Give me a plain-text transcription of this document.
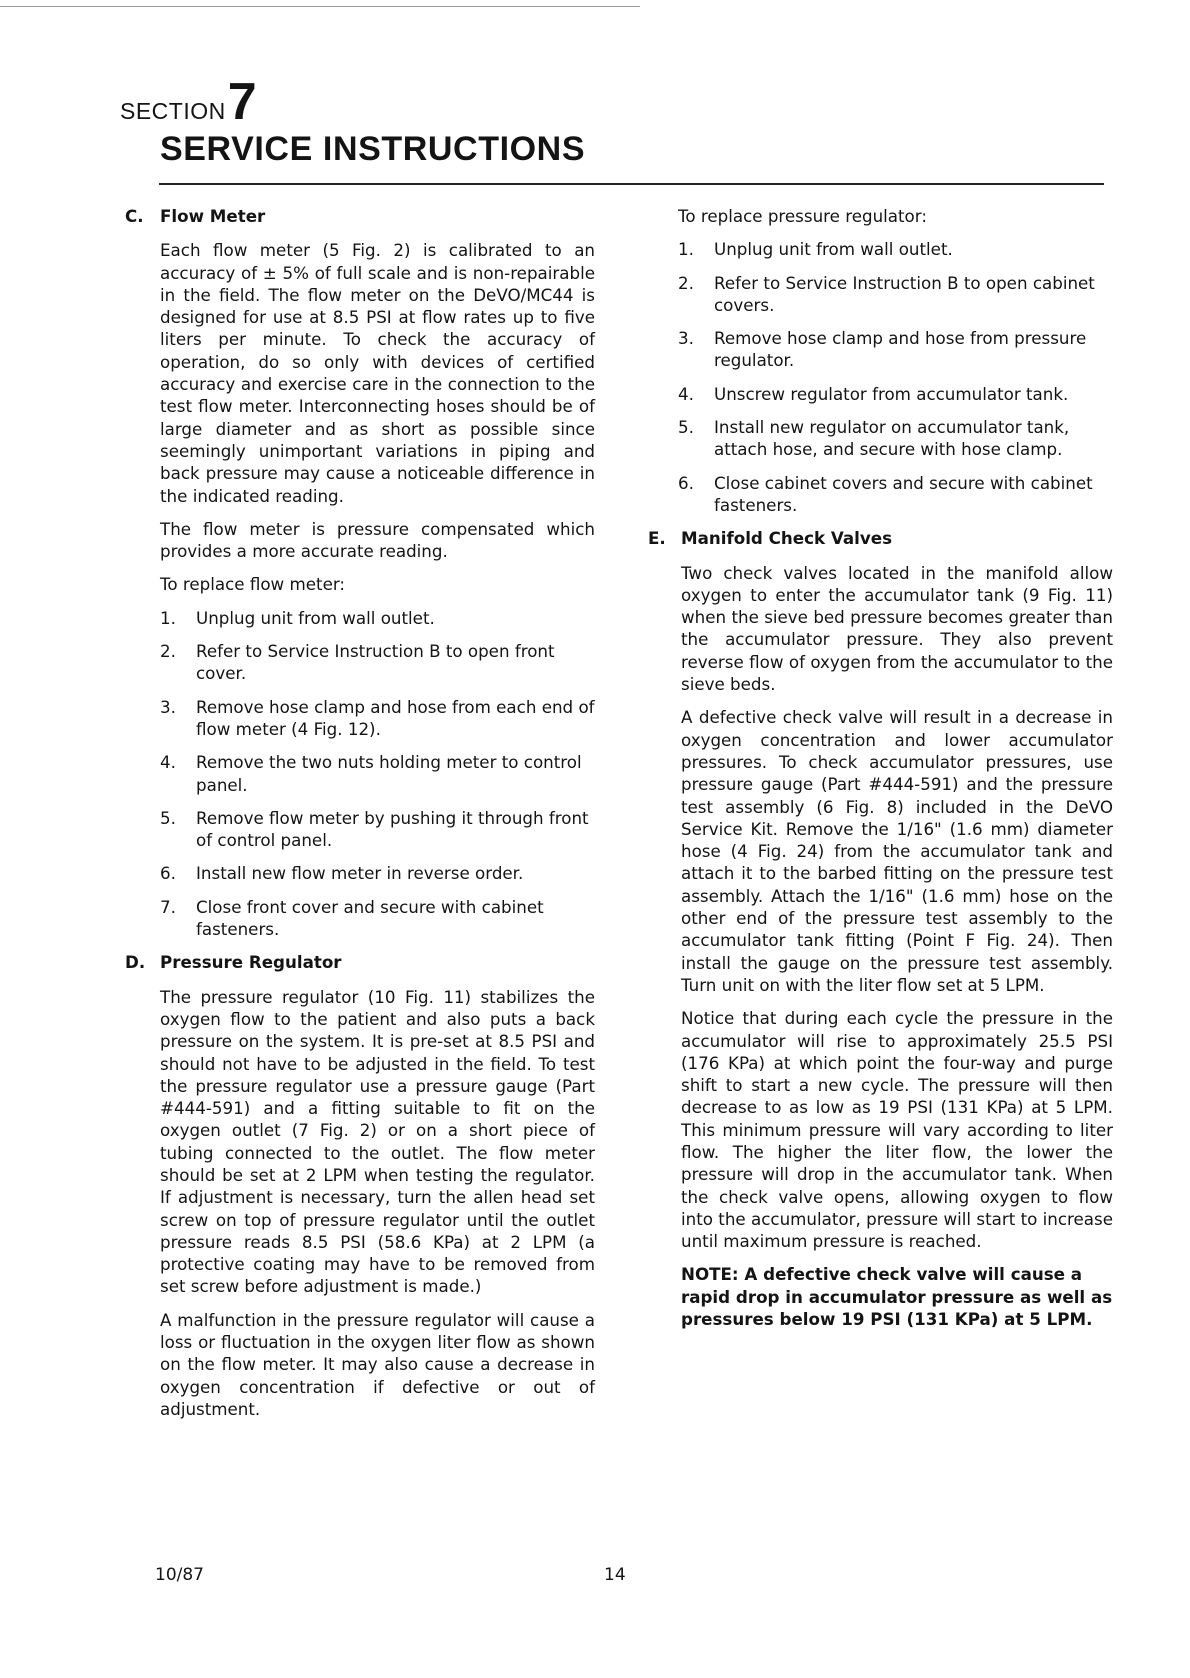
SECTION7
SERVICE INSTRUCTIONS
C. Flow Meter

Each flow meter (5 Fig. 2) is calibrated to an accuracy of ± 5% of full scale and is non-repairable in the field. The flow meter on the DeVO/MC44 is designed for use at 8.5 PSI at flow rates up to five liters per minute. To check the accuracy of operation, do so only with devices of certified accuracy and exercise care in the connection to the test flow meter. Interconnecting hoses should be of large diameter and as short as possible since seemingly unimportant variations in piping and back pressure may cause a noticeable difference in the indicated reading.

The flow meter is pressure compensated which provides a more accurate reading.

To replace flow meter:

1. Unplug unit from wall outlet.
2. Refer to Service Instruction B to open front cover.
3. Remove hose clamp and hose from each end of flow meter (4 Fig. 12).
4. Remove the two nuts holding meter to control panel.
5. Remove flow meter by pushing it through front of control panel.
6. Install new flow meter in reverse order.
7. Close front cover and secure with cabinet fasteners.
D. Pressure Regulator

The pressure regulator (10 Fig. 11) stabilizes the oxygen flow to the patient and also puts a back pressure on the system. It is pre-set at 8.5 PSI and should not have to be adjusted in the field. To test the pressure regulator use a pressure gauge (Part #444-591) and a fitting suitable to fit on the oxygen outlet (7 Fig. 2) or on a short piece of tubing connected to the outlet. The flow meter should be set at 2 LPM when testing the regulator. If adjustment is necessary, turn the allen head set screw on top of pressure regulator until the outlet pressure reads 8.5 PSI (58.6 KPa) at 2 LPM (a protective coating may have to be removed from set screw before adjustment is made.)

A malfunction in the pressure regulator will cause a loss or fluctuation in the oxygen liter flow as shown on the flow meter. It may also cause a decrease in oxygen concentration if defective or out of adjustment.

To replace pressure regulator:

1. Unplug unit from wall outlet.
2. Refer to Service Instruction B to open cabinet covers.
3. Remove hose clamp and hose from pressure regulator.
4. Unscrew regulator from accumulator tank.
5. Install new regulator on accumulator tank, attach hose, and secure with hose clamp.
6. Close cabinet covers and secure with cabinet fasteners.
E. Manifold Check Valves

Two check valves located in the manifold allow oxygen to enter the accumulator tank (9 Fig. 11) when the sieve bed pressure becomes greater than the accumulator pressure. They also prevent reverse flow of oxygen from the accumulator to the sieve beds.

A defective check valve will result in a decrease in oxygen concentration and lower accumulator pressures. To check accumulator pressures, use pressure gauge (Part #444-591) and the pressure test assembly (6 Fig. 8) included in the DeVO Service Kit. Remove the 1/16" (1.6 mm) diameter hose (4 Fig. 24) from the accumulator tank and attach it to the barbed fitting on the pressure test assembly. Attach the 1/16" (1.6 mm) hose on the other end of the pressure test assembly to the accumulator tank fitting (Point F Fig. 24). Then install the gauge on the pressure test assembly. Turn unit on with the liter flow set at 5 LPM.

Notice that during each cycle the pressure in the accumulator will rise to approximately 25.5 PSI (176 KPa) at which point the four-way and purge shift to start a new cycle. The pressure will then decrease to as low as 19 PSI (131 KPa) at 5 LPM. This minimum pressure will vary according to liter flow. The higher the liter flow, the lower the pressure will drop in the accumulator tank. When the check valve opens, allowing oxygen to flow into the accumulator, pressure will start to increase until maximum pressure is reached.

NOTE: A defective check valve will cause a rapid drop in accumulator pressure as well as pressures below 19 PSI (131 KPa) at 5 LPM.

10/87	14
